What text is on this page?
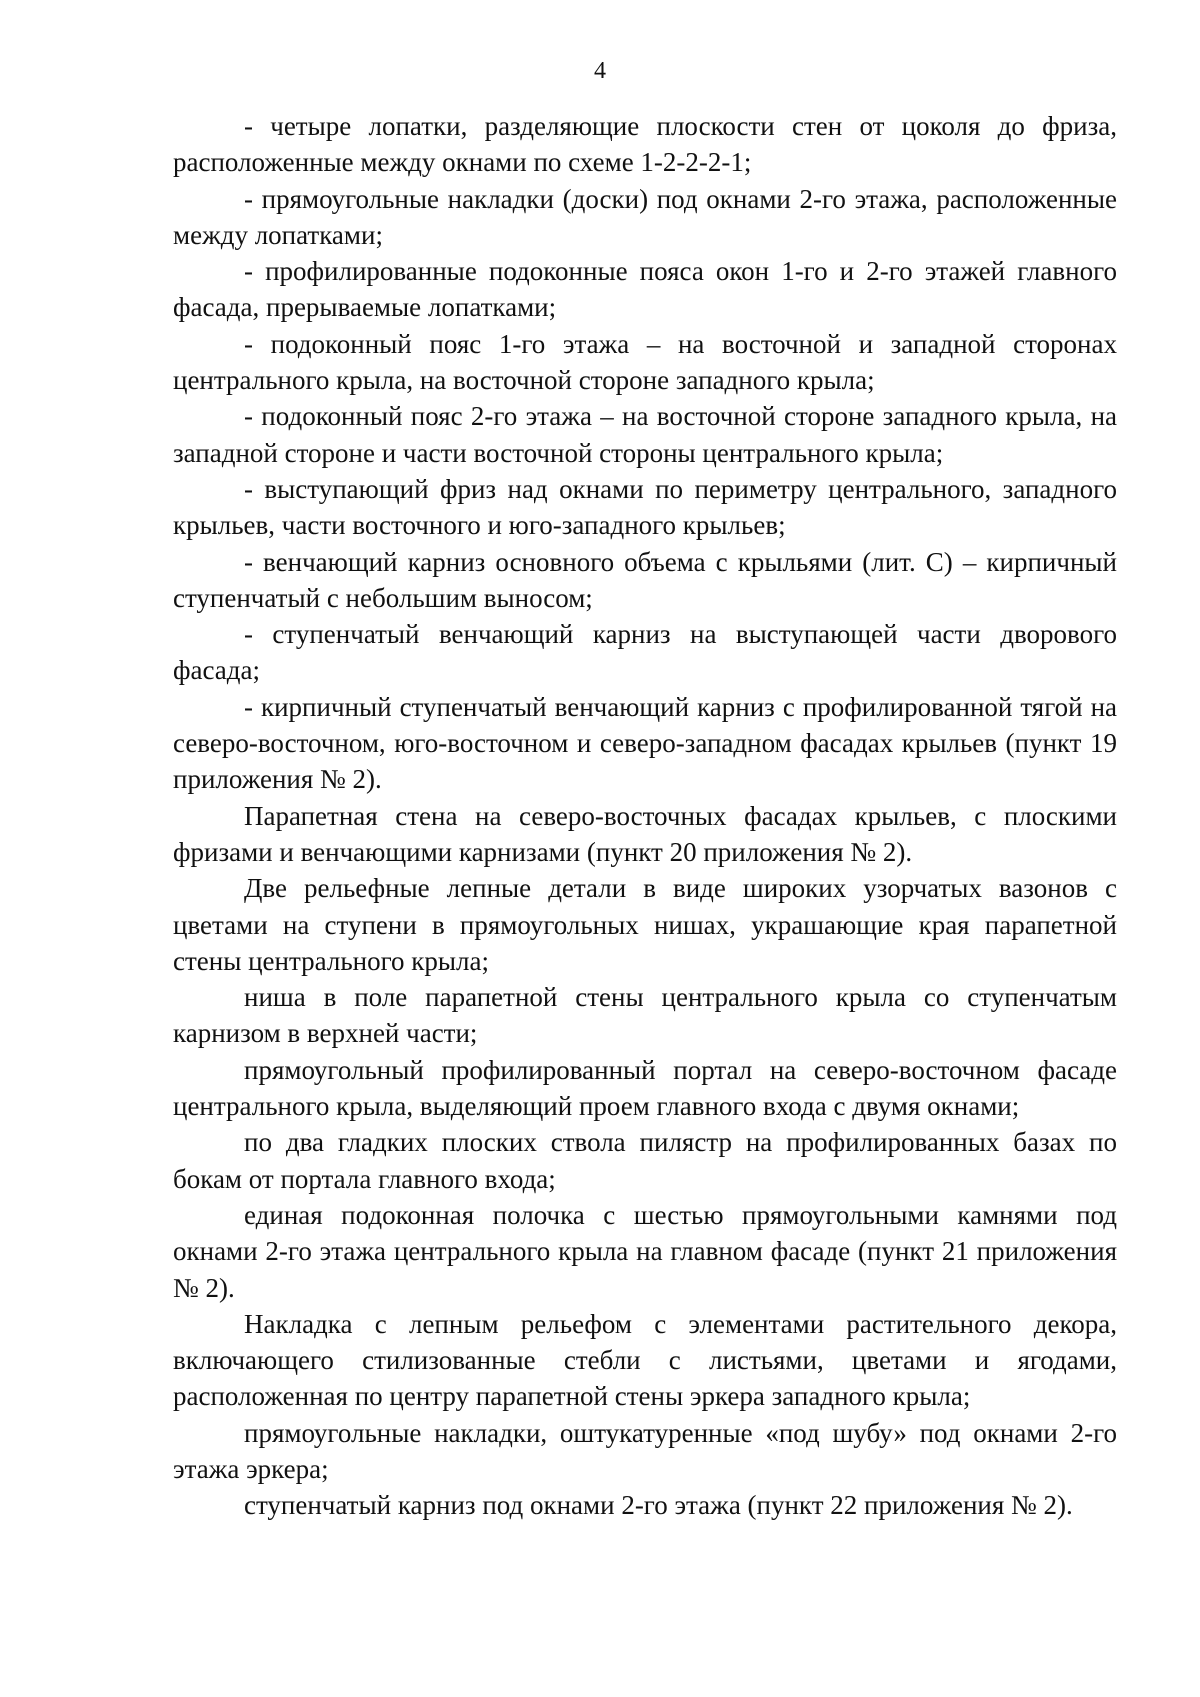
4

- четыре лопатки, разделяющие плоскости стен от цоколя до фриза, расположенные между окнами по схеме 1-2-2-2-1;

- прямоугольные накладки (доски) под окнами 2-го этажа, расположенные между лопатками;

- профилированные подоконные пояса окон 1-го и 2-го этажей главного фасада, прерываемые лопатками;

- подоконный пояс 1-го этажа – на восточной и западной сторонах центрального крыла, на восточной стороне западного крыла;

- подоконный пояс 2-го этажа – на восточной стороне западного крыла, на западной стороне и части восточной стороны центрального крыла;

- выступающий фриз над окнами по периметру центрального, западного крыльев, части восточного и юго-западного крыльев;

- венчающий карниз основного объема с крыльями (лит. С) – кирпичный ступенчатый с небольшим выносом;

- ступенчатый венчающий карниз на выступающей части дворового фасада;

- кирпичный ступенчатый венчающий карниз с профилированной тягой на северо-восточном, юго-восточном и северо-западном фасадах крыльев (пункт 19 приложения № 2).

Парапетная стена на северо-восточных фасадах крыльев, с плоскими фризами и венчающими карнизами (пункт 20 приложения № 2).

Две рельефные лепные детали в виде широких узорчатых вазонов с цветами на ступени в прямоугольных нишах, украшающие края парапетной стены центрального крыла;

ниша в поле парапетной стены центрального крыла со ступенчатым карнизом в верхней части;

прямоугольный профилированный портал на северо-восточном фасаде центрального крыла, выделяющий проем главного входа с двумя окнами;

по два гладких плоских ствола пилястр на профилированных базах по бокам от портала главного входа;

единая подоконная полочка с шестью прямоугольными камнями под окнами 2-го этажа центрального крыла на главном фасаде (пункт 21 приложения № 2).

Накладка с лепным рельефом с элементами растительного декора, включающего стилизованные стебли с листьями, цветами и ягодами, расположенная по центру парапетной стены эркера западного крыла;

прямоугольные накладки, оштукатуренные «под шубу» под окнами 2-го этажа эркера;

ступенчатый карниз под окнами 2-го этажа (пункт 22 приложения № 2).
